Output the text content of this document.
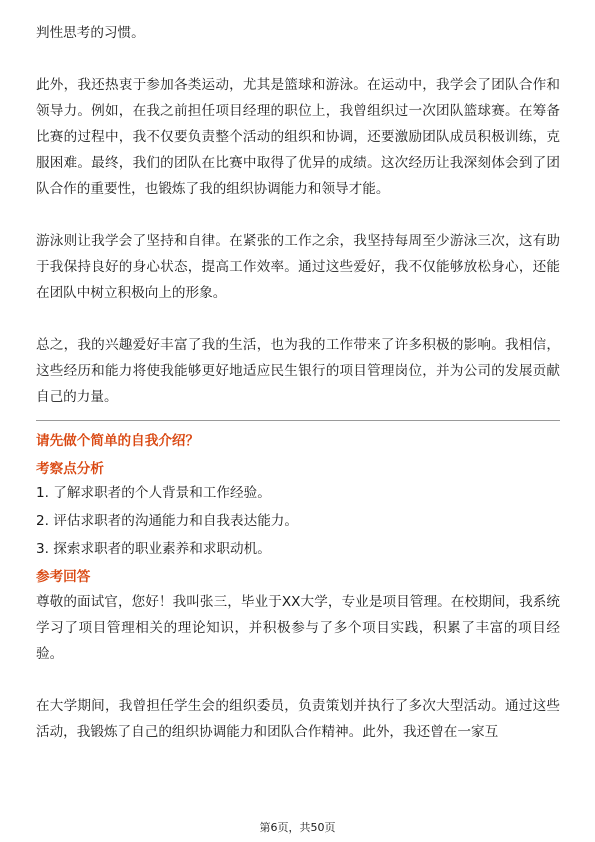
判性思考的习惯。

此外，我还热衷于参加各类运动，尤其是篮球和游泳。在运动中，我学会了团队合作和领导力。例如，在我之前担任项目经理的职位上，我曾组织过一次团队篮球赛。在筹备比赛的过程中，我不仅要负责整个活动的组织和协调，还要激励团队成员积极训练，克服困难。最终，我们的团队在比赛中取得了优异的成绩。这次经历让我深刻体会到了团队合作的重要性，也锻炼了我的组织协调能力和领导才能。

游泳则让我学会了坚持和自律。在紧张的工作之余，我坚持每周至少游泳三次，这有助于我保持良好的身心状态，提高工作效率。通过这些爱好，我不仅能够放松身心，还能在团队中树立积极向上的形象。

总之，我的兴趣爱好丰富了我的生活，也为我的工作带来了许多积极的影响。我相信，这些经历和能力将使我能够更好地适应民生银行的项目管理岗位，并为公司的发展贡献自己的力量。

请先做个简单的自我介绍？

考察点分析

1. 了解求职者的个人背景和工作经验。

2. 评估求职者的沟通能力和自我表达能力。

3. 探索求职者的职业素养和求职动机。

参考回答

尊敬的面试官，您好！我叫张三，毕业于XX大学，专业是项目管理。在校期间，我系统学习了项目管理相关的理论知识，并积极参与了多个项目实践，积累了丰富的项目经验。

在大学期间，我曾担任学生会的组织委员，负责策划并执行了多次大型活动。通过这些活动，我锻炼了自己的组织协调能力和团队合作精神。此外，我还曾在一家互

第6页，共50页
